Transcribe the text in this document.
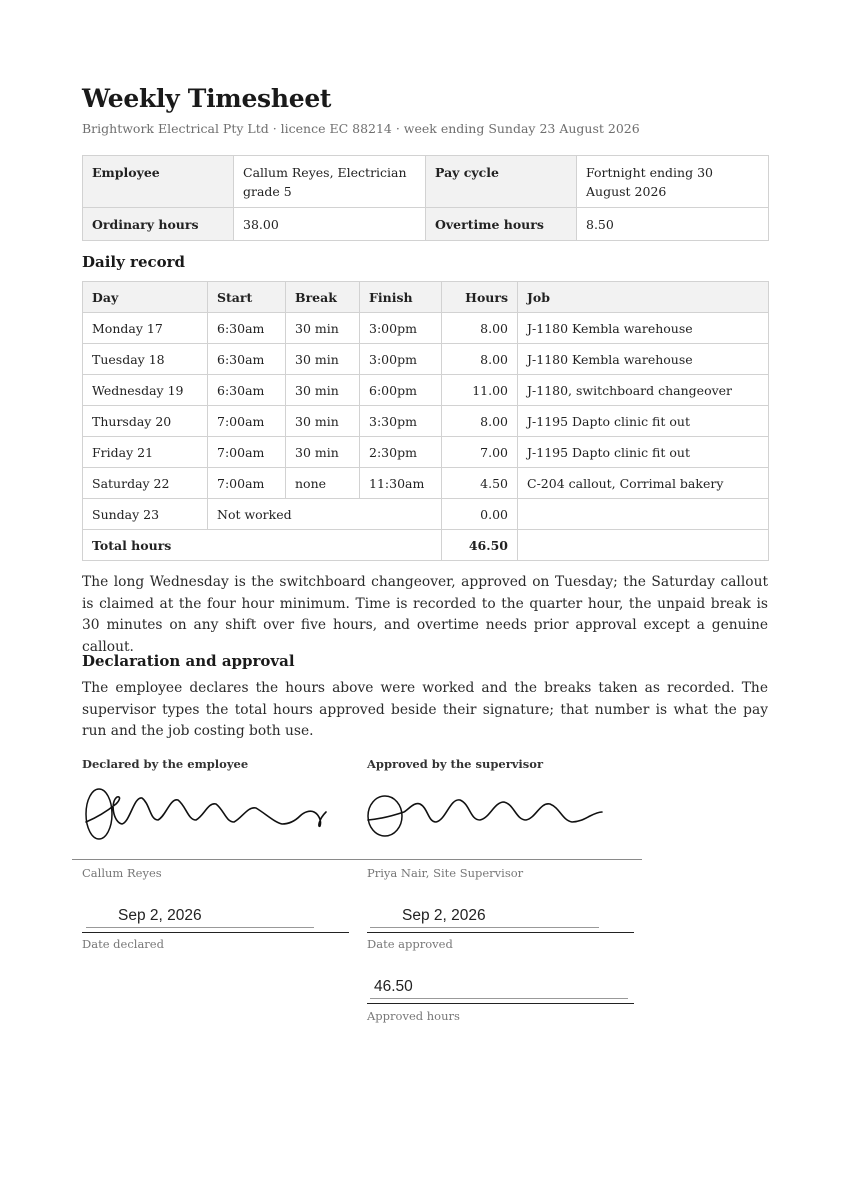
Weekly Timesheet
Brightwork Electrical Pty Ltd · licence EC 88214 · week ending Sunday 23 August 2026
Employee	Callum Reyes, Electrician grade 5	Pay cycle	Fortnight ending 30 August 2026
Ordinary hours	38.00	Overtime hours	8.50
Daily record
Day	Start	Break	Finish	Hours	Job
Monday 17	6:30am	30 min	3:00pm	8.00	J-1180 Kembla warehouse
Tuesday 18	6:30am	30 min	3:00pm	8.00	J-1180 Kembla warehouse
Wednesday 19	6:30am	30 min	6:00pm	11.00	J-1180, switchboard changeover
Thursday 20	7:00am	30 min	3:30pm	8.00	J-1195 Dapto clinic fit out
Friday 21	7:00am	30 min	2:30pm	7.00	J-1195 Dapto clinic fit out
Saturday 22	7:00am	none	11:30am	4.50	C-204 callout, Corrimal bakery
Sunday 23	Not worked			0.00	
Total hours				46.50	
The long Wednesday is the switchboard changeover, approved on Tuesday; the Saturday callout is claimed at the four hour minimum. Time is recorded to the quarter hour, the unpaid break is 30 minutes on any shift over five hours, and overtime needs prior approval except a genuine callout.
Declaration and approval
The employee declares the hours above were worked and the breaks taken as recorded. The supervisor types the total hours approved beside their signature; that number is what the pay run and the job costing both use.
Declared by the employee	Approved by the supervisor
Callum Reyes	Priya Nair, Site Supervisor
Sep 2, 2026
Date declared
Sep 2, 2026
Date approved
46.50
Approved hours
